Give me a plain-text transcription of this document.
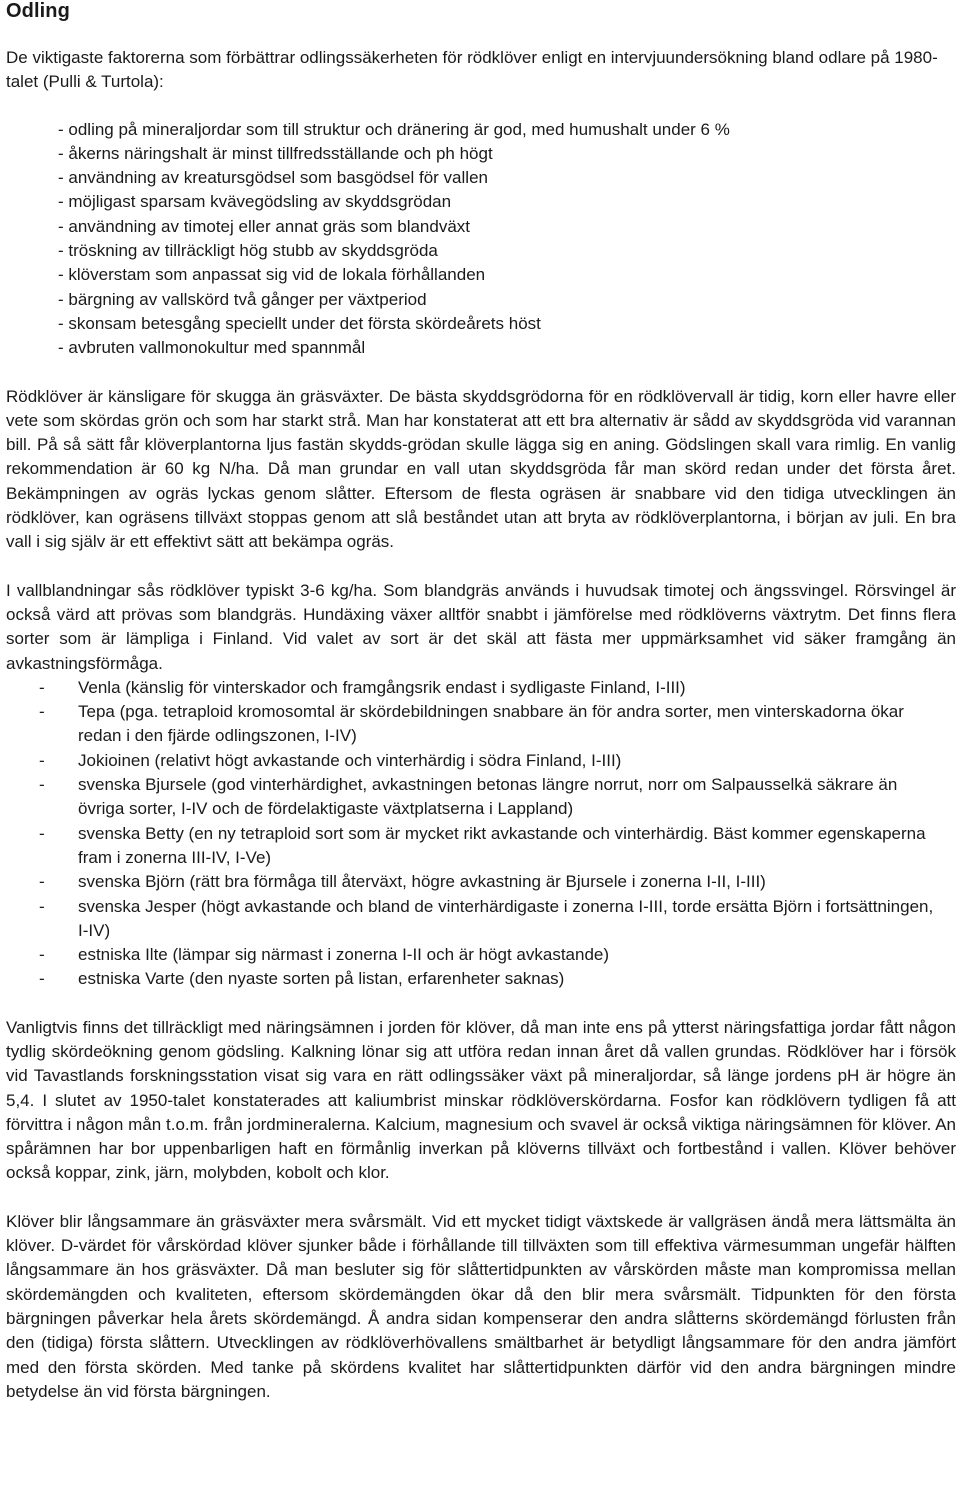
Odling

De viktigaste faktorerna som förbättrar odlingssäkerheten för rödklöver enligt en intervjuundersökning bland odlare på 1980-talet (Pulli & Turtola):

- odling på mineraljordar som till struktur och dränering är god, med humushalt under 6 %
- åkerns näringshalt är minst tillfredsställande och ph högt
- användning av kreatursgödsel som basgödsel för vallen
- möjligast sparsam kvävegödsling av skyddsgrödan
- användning av timotej eller annat gräs som blandväxt
- tröskning av tillräckligt hög stubb av skyddsgröda
- klöverstam som anpassat sig vid de lokala förhållanden
- bärgning av vallskörd två gånger per växtperiod
- skonsam betesgång speciellt under det första skördeårets höst
- avbruten vallmonokultur med spannmål

Rödklöver är känsligare för skugga än gräsväxter. De bästa skyddsgrödorna för en rödklövervall är tidig, korn eller havre eller vete som skördas grön och som har starkt strå. Man har konstaterat att ett bra alternativ är sådd av skyddsgröda vid varannan bill. På så sätt får klöverplantorna ljus fastän skydds-grödan skulle lägga sig en aning. Gödslingen skall vara rimlig. En vanlig rekommendation är 60 kg N/ha. Då man grundar en vall utan skyddsgröda får man skörd redan under det första året. Bekämpningen av ogräs lyckas genom slåtter. Eftersom de flesta ogräsen är snabbare vid den tidiga utvecklingen än rödklöver, kan ogräsens tillväxt stoppas genom att slå beståndet utan att bryta av rödklöverplantorna, i början av juli. En bra vall i sig själv är ett effektivt sätt att bekämpa ogräs.

I vallblandningar sås rödklöver typiskt 3-6 kg/ha. Som blandgräs används i huvudsak timotej och ängssvingel. Rörsvingel är också värd att prövas som blandgräs. Hundäxing växer alltför snabbt i jämförelse med rödklöverns växtrytm. Det finns flera sorter som är lämpliga i Finland. Vid valet av sort är det skäl att fästa mer uppmärksamhet vid säker framgång än avkastningsförmåga.

- Venla (känslig för vinterskador och framgångsrik endast i sydligaste Finland, I-III)
- Tepa (pga. tetraploid kromosomtal är skördebildningen snabbare än för andra sorter, men vinterskadorna ökar redan i den fjärde odlingszonen, I-IV)
- Jokioinen (relativt högt avkastande och vinterhärdig i södra Finland, I-III)
- svenska Bjursele (god vinterhärdighet, avkastningen betonas längre norrut, norr om Salpausselkä säkrare än övriga sorter, I-IV och de fördelaktigaste växtplatserna i Lappland)
- svenska Betty (en ny tetraploid sort som är mycket rikt avkastande och vinterhärdig. Bäst kommer egenskaperna fram i zonerna III-IV, I-Ve)
- svenska Björn (rätt bra förmåga till återväxt, högre avkastning är Bjursele i zonerna I-II, I-III)
- svenska Jesper (högt avkastande och bland de vinterhärdigaste i zonerna I-III, torde ersätta Björn i fortsättningen, I-IV)
- estniska Ilte (lämpar sig närmast i zonerna I-II och är högt avkastande)
- estniska Varte (den nyaste sorten på listan, erfarenheter saknas)

Vanligtvis finns det tillräckligt med näringsämnen i jorden för klöver, då man inte ens på ytterst näringsfattiga jordar fått någon tydlig skördeökning genom gödsling. Kalkning lönar sig att utföra redan innan året då vallen grundas. Rödklöver har i försök vid Tavastlands forskningsstation visat sig vara en rätt odlingssäker växt på mineraljordar, så länge jordens pH är högre än 5,4. I slutet av 1950-talet konstaterades att kaliumbrist minskar rödklöverskördarna. Fosfor kan rödklövern tydligen få att förvittra i någon mån t.o.m. från jordmineralerna. Kalcium, magnesium och svavel är också viktiga näringsämnen för klöver. An spårämnen har bor uppenbarligen haft en förmånlig inverkan på klöverns tillväxt och fortbestånd i vallen. Klöver behöver också koppar, zink, järn, molybden, kobolt och klor.

Klöver blir långsammare än gräsväxter mera svårsmält. Vid ett mycket tidigt växtskede är vallgräsen ändå mera lättsmälta än klöver. D-värdet för vårskördad klöver sjunker både i förhållande till tillväxten som till effektiva värmesumman ungefär hälften långsammare än hos gräsväxter. Då man besluter sig för slåttertidpunkten av vårskörden måste man kompromissa mellan skördemängden och kvaliteten, eftersom skördemängden ökar då den blir mera svårsmält. Tidpunkten för den första bärgningen påverkar hela årets skördemängd. Å andra sidan kompenserar den andra slåtterns skördemängd förlusten från den (tidiga) första slåttern. Utvecklingen av rödklöverhövallens smältbarhet är betydligt långsammare för den andra jämfört med den första skörden. Med tanke på skördens kvalitet har slåttertidpunkten därför vid den andra bärgningen mindre betydelse än vid första bärgningen.
